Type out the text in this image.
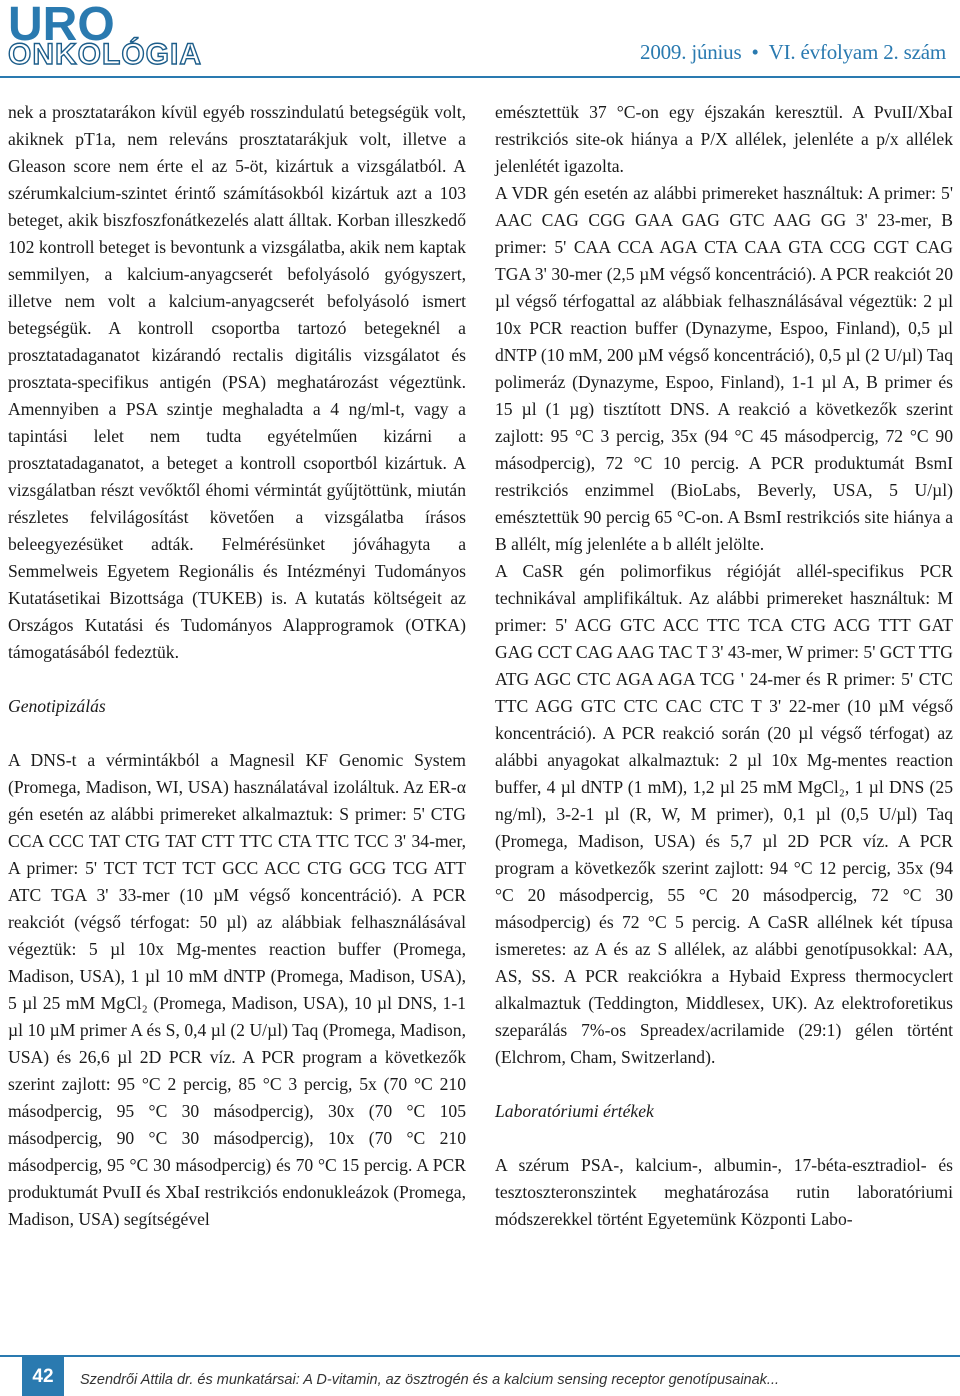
URO
ONKOLÓGIA	2009. június • VI. évfolyam 2. szám

nek a prosztatarákon kívül egyéb rosszindulatú betegségük volt, akiknek pT1a, nem releváns prosztatarákjuk volt, illetve a Gleason score nem érte el az 5-öt, kizártuk a vizsgálatból. A szérumkalcium-szintet érintő számításokból kizártuk azt a 103 beteget, akik biszfoszfonátkezelés alatt álltak. Korban illeszkedő 102 kontroll beteget is bevontunk a vizsgálatba, akik nem kaptak semmilyen, a kalcium-anyagcserét befolyásoló gyógyszert, illetve nem volt a kalcium-anyagcserét befolyásoló ismert betegségük. A kontroll csoportba tartozó betegeknél a prosztatadaganatot kizárandó rectalis digitális vizsgálatot és prosztata-specifikus antigén (PSA) meghatározást végeztünk. Amennyiben a PSA szintje meghaladta a 4 ng/ml-t, vagy a tapintási lelet nem tudta egyételműen kizárni a prosztatadaganatot, a beteget a kontroll csoportból kizártuk. A vizsgálatban részt vevőktől éhomi vérmintát gyűjtöttünk, miután részletes felvilágosítást követően a vizsgálatba írásos beleegyezésüket adták. Felmérésünket jóváhagyta a Semmelweis Egyetem Regionális és Intézményi Tudományos Kutatásetikai Bizottsága (TUKEB) is. A kutatás költségeit az Országos Kutatási és Tudományos Alapprogramok (OTKA) támogatásából fedeztük.

Genotipizálás

A DNS-t a vérmintákból a Magnesil KF Genomic System (Promega, Madison, WI, USA) használatával izoláltuk. Az ER-α gén esetén az alábbi primereket alkalmaztuk: S primer: 5' CTG CCA CCC TAT CTG TAT CTT TTC CTA TTC TCC 3' 34-mer, A primer: 5' TCT TCT TCT GCC ACC CTG GCG TCG ATT ATC TGA 3' 33-mer (10 µM végső koncentráció). A PCR reakciót (végső térfogat: 50 µl) az alábbiak felhasználásával végeztük: 5 µl 10x Mg-mentes reaction buffer (Promega, Madison, USA), 1 µl 10 mM dNTP (Promega, Madison, USA), 5 µl 25 mM MgCl₂ (Promega, Madison, USA), 10 µl DNS, 1-1 µl 10 µM primer A és S, 0,4 µl (2 U/µl) Taq (Promega, Madison, USA) és 26,6 µl 2D PCR víz. A PCR program a következők szerint zajlott: 95 °C 2 percig, 85 °C 3 percig, 5x (70 °C 210 másodpercig, 95 °C 30 másodpercig), 30x (70 °C 105 másodpercig, 90 °C 30 másodpercig), 10x (70 °C 210 másodpercig, 95 °C 30 másodpercig) és 70 °C 15 percig. A PCR produktumát PvuII és XbaI restrikciós endonukleázok (Promega, Madison, USA) segítségével

emésztettük 37 °C-on egy éjszakán keresztül. A PvuII/XbaI restrikciós site-ok hiánya a P/X allélek, jelenléte a p/x allélek jelenlétét igazolta.

A VDR gén esetén az alábbi primereket használtuk: A primer: 5' AAC CAG CGG GAA GAG GTC AAG GG 3' 23-mer, B primer: 5' CAA CCA AGA CTA CAA GTA CCG CGT CAG TGA 3' 30-mer (2,5 µM végső koncentráció). A PCR reakciót 20 µl végső térfogattal az alábbiak felhasználásával végeztük: 2 µl 10x PCR reaction buffer (Dynazyme, Espoo, Finland), 0,5 µl dNTP (10 mM, 200 µM végső koncentráció), 0,5 µl (2 U/µl) Taq polimeráz (Dynazyme, Espoo, Finland), 1-1 µl A, B primer és 15 µl (1 µg) tisztított DNS. A reakció a következők szerint zajlott: 95 °C 3 percig, 35x (94 °C 45 másodpercig, 72 °C 90 másodpercig), 72 °C 10 percig. A PCR produktumát BsmI restrikciós enzimmel (BioLabs, Beverly, USA, 5 U/µl) emésztettük 90 percig 65 °C-on. A BsmI restrikciós site hiánya a B allélt, míg jelenléte a b allélt jelölte.

A CaSR gén polimorfikus régióját allél-specifikus PCR technikával amplifikáltuk. Az alábbi primereket használtuk: M primer: 5' ACG GTC ACC TTC TCA CTG ACG TTT GAT GAG CCT CAG AAG TAC T 3' 43-mer, W primer: 5' GCT TTG ATG AGC CTC AGA AGA TCG ' 24-mer és R primer: 5' CTC TTC AGG GTC CTC CAC CTC T 3' 22-mer (10 µM végső koncentráció). A PCR reakció során (20 µl végső térfogat) az alábbi anyagokat alkalmaztuk: 2 µl 10x Mg-mentes reaction buffer, 4 µl dNTP (1 mM), 1,2 µl 25 mM MgCl₂, 1 µl DNS (25 ng/ml), 3-2-1 µl (R, W, M primer), 0,1 µl (0,5 U/µl) Taq (Promega, Madison, USA) és 5,7 µl 2D PCR víz. A PCR program a következők szerint zajlott: 94 °C 12 percig, 35x (94 °C 20 másodpercig, 55 °C 20 másodpercig, 72 °C 30 másodpercig) és 72 °C 5 percig. A CaSR allélnek két típusa ismeretes: az A és az S allélek, az alábbi genotípusokkal: AA, AS, SS. A PCR reakciókra a Hybaid Express thermocyclert alkalmaztuk (Teddington, Middlesex, UK). Az elektroforetikus szeparálás 7%-os Spreadex/acrilamide (29:1) gélen történt (Elchrom, Cham, Switzerland).

Laboratóriumi értékek

A szérum PSA-, kalcium-, albumin-, 17-béta-esztradiol- és tesztoszteronszintek meghatározása rutin laboratóriumi módszerekkel történt Egyetemünk Központi Labo-

42	Szendrői Attila dr. és munkatársai: A D-vitamin, az ösztrogén és a kalcium sensing receptor genotípusainak...
